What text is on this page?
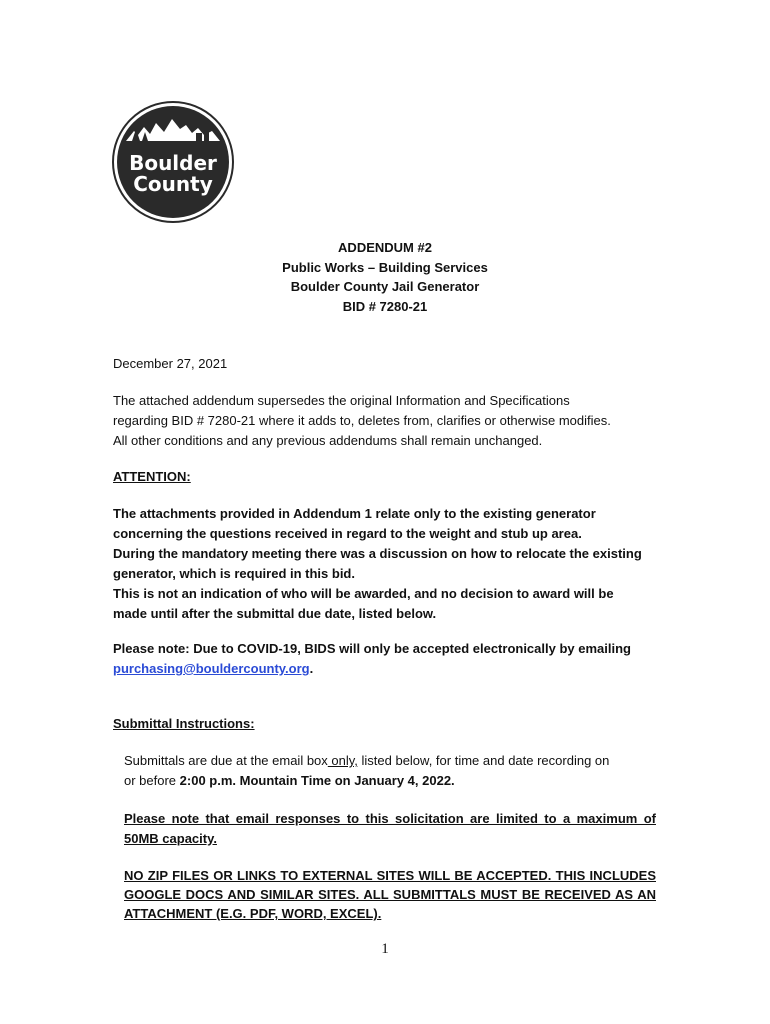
Boulder
County
ADDENDUM #2
Public Works – Building Services
Boulder County Jail Generator
BID # 7280-21
December 27, 2021
The attached addendum supersedes the original Information and Specifications
regarding BID # 7280-21 where it adds to, deletes from, clarifies or otherwise modifies.
All other conditions and any previous addendums shall remain unchanged.
ATTENTION:
The attachments provided in Addendum 1 relate only to the existing generator
concerning the questions received in regard to the weight and stub up area.
During the mandatory meeting there was a discussion on how to relocate the existing
generator, which is required in this bid.
This is not an indication of who will be awarded, and no decision to award will be
made until after the submittal due date, listed below.
Please note: Due to COVID-19, BIDS will only be accepted electronically by emailing
purchasing@bouldercounty.org.
Submittal Instructions:
Submittals are due at the email box only, listed below, for time and date recording on
or before 2:00 p.m. Mountain Time on January 4, 2022.
Please note that email responses to this solicitation are limited to a maximum of 50MB capacity.
NO ZIP FILES OR LINKS TO EXTERNAL SITES WILL BE ACCEPTED. THIS INCLUDES GOOGLE DOCS AND SIMILAR SITES. ALL SUBMITTALS MUST BE RECEIVED AS AN ATTACHMENT (E.G. PDF, WORD, EXCEL).
1
